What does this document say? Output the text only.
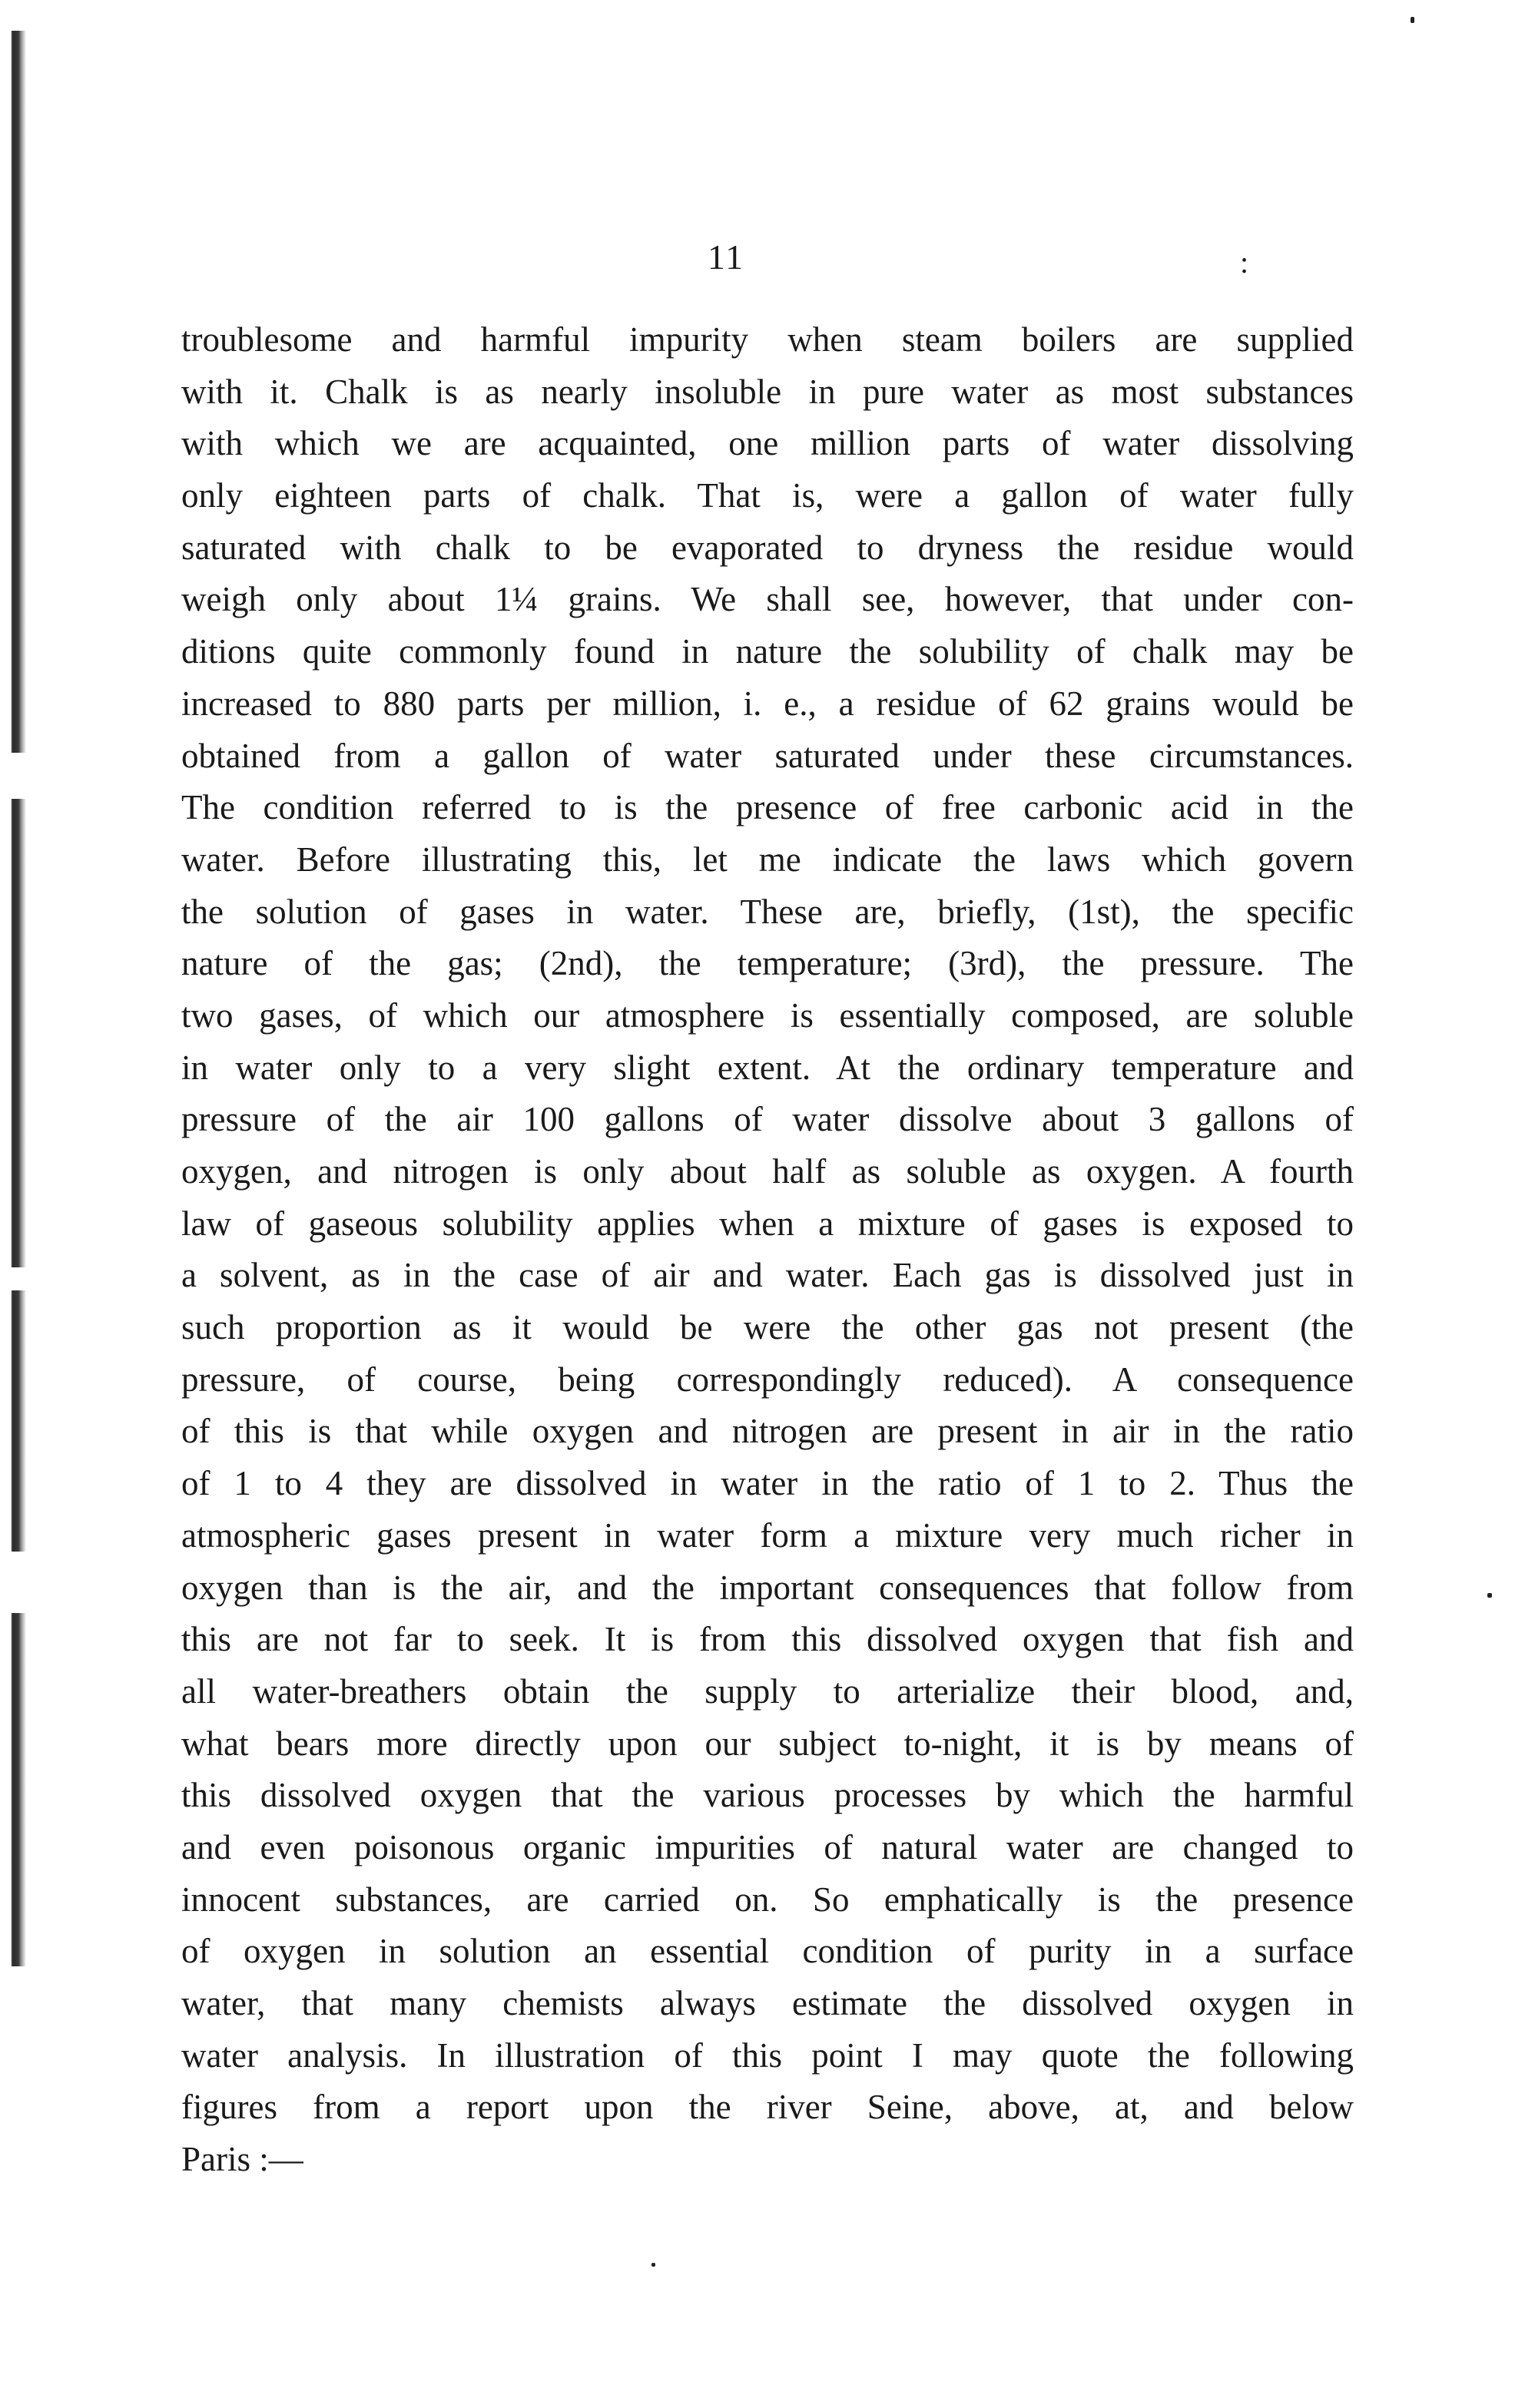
11	:
troublesome and harmful impurity when steam boilers are supplied
with it. Chalk is as nearly insoluble in pure water as most substances
with which we are acquainted, one million parts of water dissolving
only eighteen parts of chalk. That is, were a gallon of water fully
saturated with chalk to be evaporated to dryness the residue would
weigh only about 1¼ grains. We shall see, however, that under con-
ditions quite commonly found in nature the solubility of chalk may be
increased to 880 parts per million, i. e., a residue of 62 grains would be
obtained from a gallon of water saturated under these circumstances.
The condition referred to is the presence of free carbonic acid in the
water. Before illustrating this, let me indicate the laws which govern
the solution of gases in water. These are, briefly, (1st), the specific
nature of the gas; (2nd), the temperature; (3rd), the pressure. The
two gases, of which our atmosphere is essentially composed, are soluble
in water only to a very slight extent. At the ordinary temperature and
pressure of the air 100 gallons of water dissolve about 3 gallons of
oxygen, and nitrogen is only about half as soluble as oxygen. A fourth
law of gaseous solubility applies when a mixture of gases is exposed to
a solvent, as in the case of air and water. Each gas is dissolved just in
such proportion as it would be were the other gas not present (the
pressure, of course, being correspondingly reduced). A consequence
of this is that while oxygen and nitrogen are present in air in the ratio
of 1 to 4 they are dissolved in water in the ratio of 1 to 2. Thus the
atmospheric gases present in water form a mixture very much richer in
oxygen than is the air, and the important consequences that follow from
this are not far to seek. It is from this dissolved oxygen that fish and
all water-breathers obtain the supply to arterialize their blood, and,
what bears more directly upon our subject to-night, it is by means of
this dissolved oxygen that the various processes by which the harmful
and even poisonous organic impurities of natural water are changed to
innocent substances, are carried on. So emphatically is the presence
of oxygen in solution an essential condition of purity in a surface
water, that many chemists always estimate the dissolved oxygen in
water analysis. In illustration of this point I may quote the following
figures from a report upon the river Seine, above, at, and below
Paris :—
